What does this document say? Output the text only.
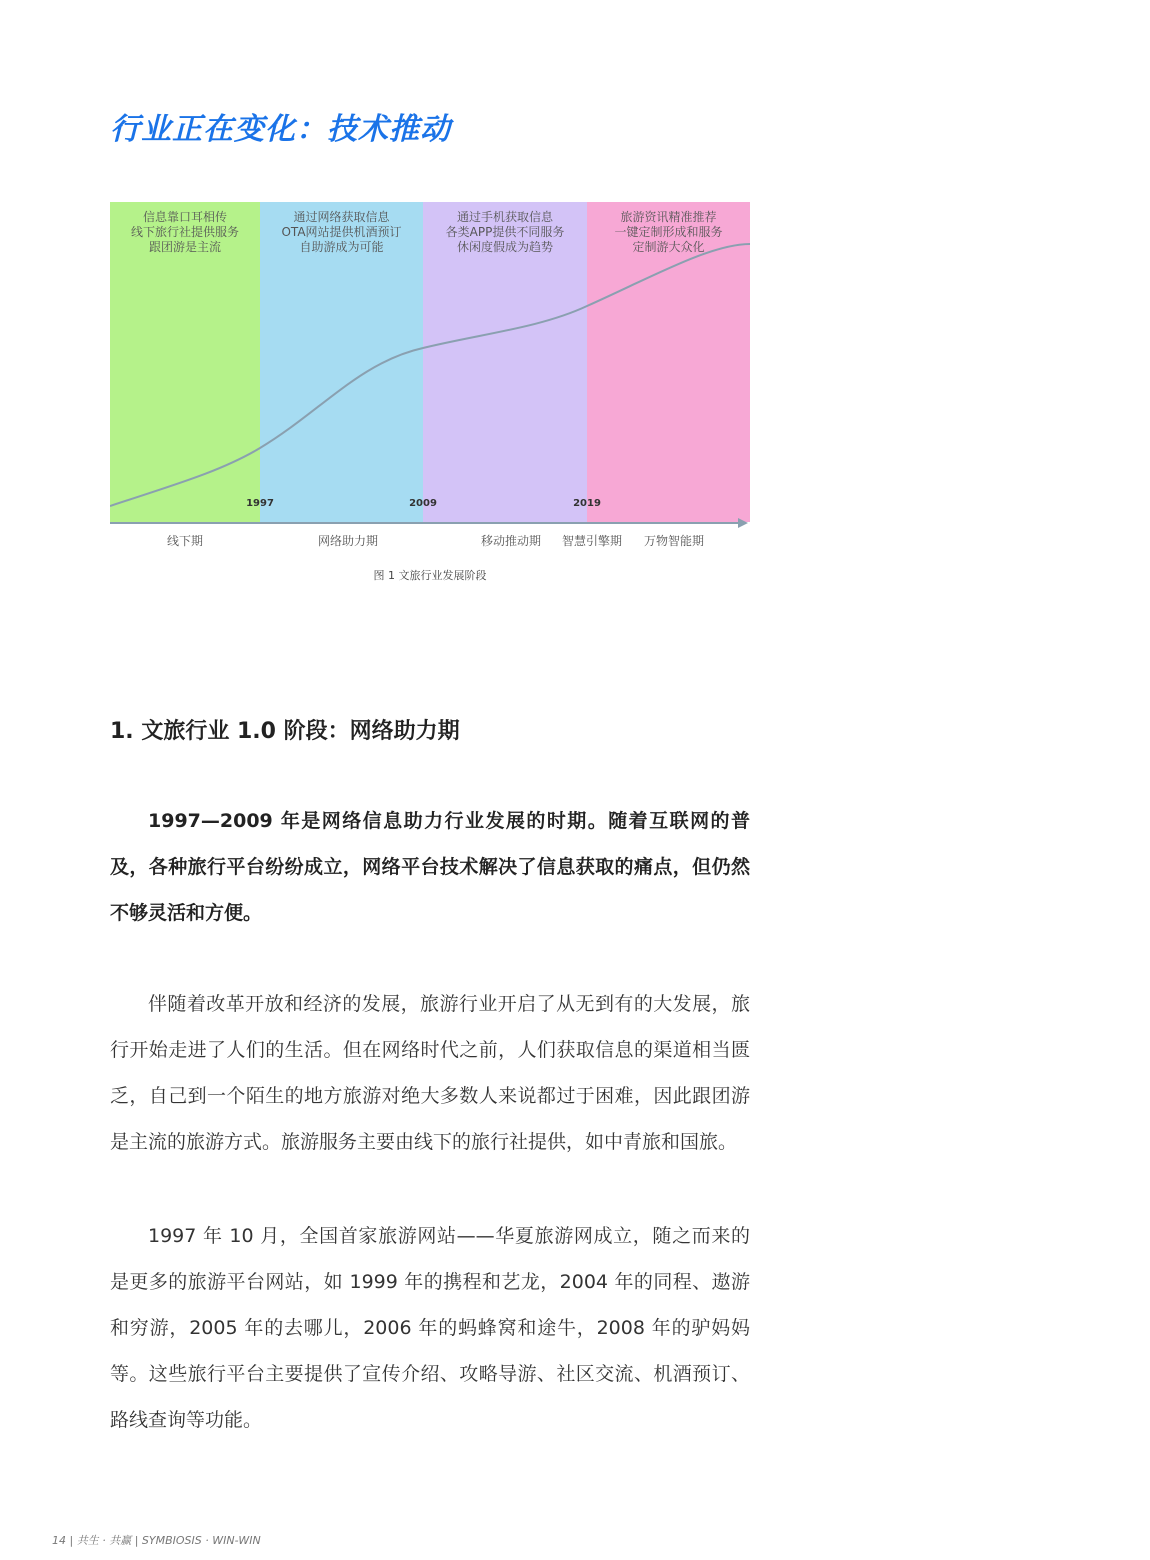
行业正在变化：技术推动
信息靠口耳相传
线下旅行社提供服务
跟团游是主流
通过网络获取信息
OTA网站提供机酒预订
自助游成为可能
通过手机获取信息
各类APP提供不同服务
休闲度假成为趋势
旅游资讯精准推荐
一键定制形成和服务
定制游大众化
1997	2009	2019
线下期	网络助力期	移动推动期 智慧引擎期 万物智能期
图 1 文旅行业发展阶段
1. 文旅行业 1.0 阶段：网络助力期

1997—2009 年是网络信息助力行业发展的时期。随着互联网的普及，各种旅行平台纷纷成立，网络平台技术解决了信息获取的痛点，但仍然不够灵活和方便。

伴随着改革开放和经济的发展，旅游行业开启了从无到有的大发展，旅行开始走进了人们的生活。但在网络时代之前，人们获取信息的渠道相当匮乏，自己到一个陌生的地方旅游对绝大多数人来说都过于困难，因此跟团游是主流的旅游方式。旅游服务主要由线下的旅行社提供，如中青旅和国旅。

1997 年 10 月，全国首家旅游网站——华夏旅游网成立，随之而来的是更多的旅游平台网站，如 1999 年的携程和艺龙，2004 年的同程、遨游和穷游，2005 年的去哪儿，2006 年的蚂蜂窝和途牛，2008 年的驴妈妈等。这些旅行平台主要提供了宣传介绍、攻略导游、社区交流、机酒预订、路线查询等功能。

14 | 共生 · 共赢 | SYMBIOSIS · WIN-WIN
